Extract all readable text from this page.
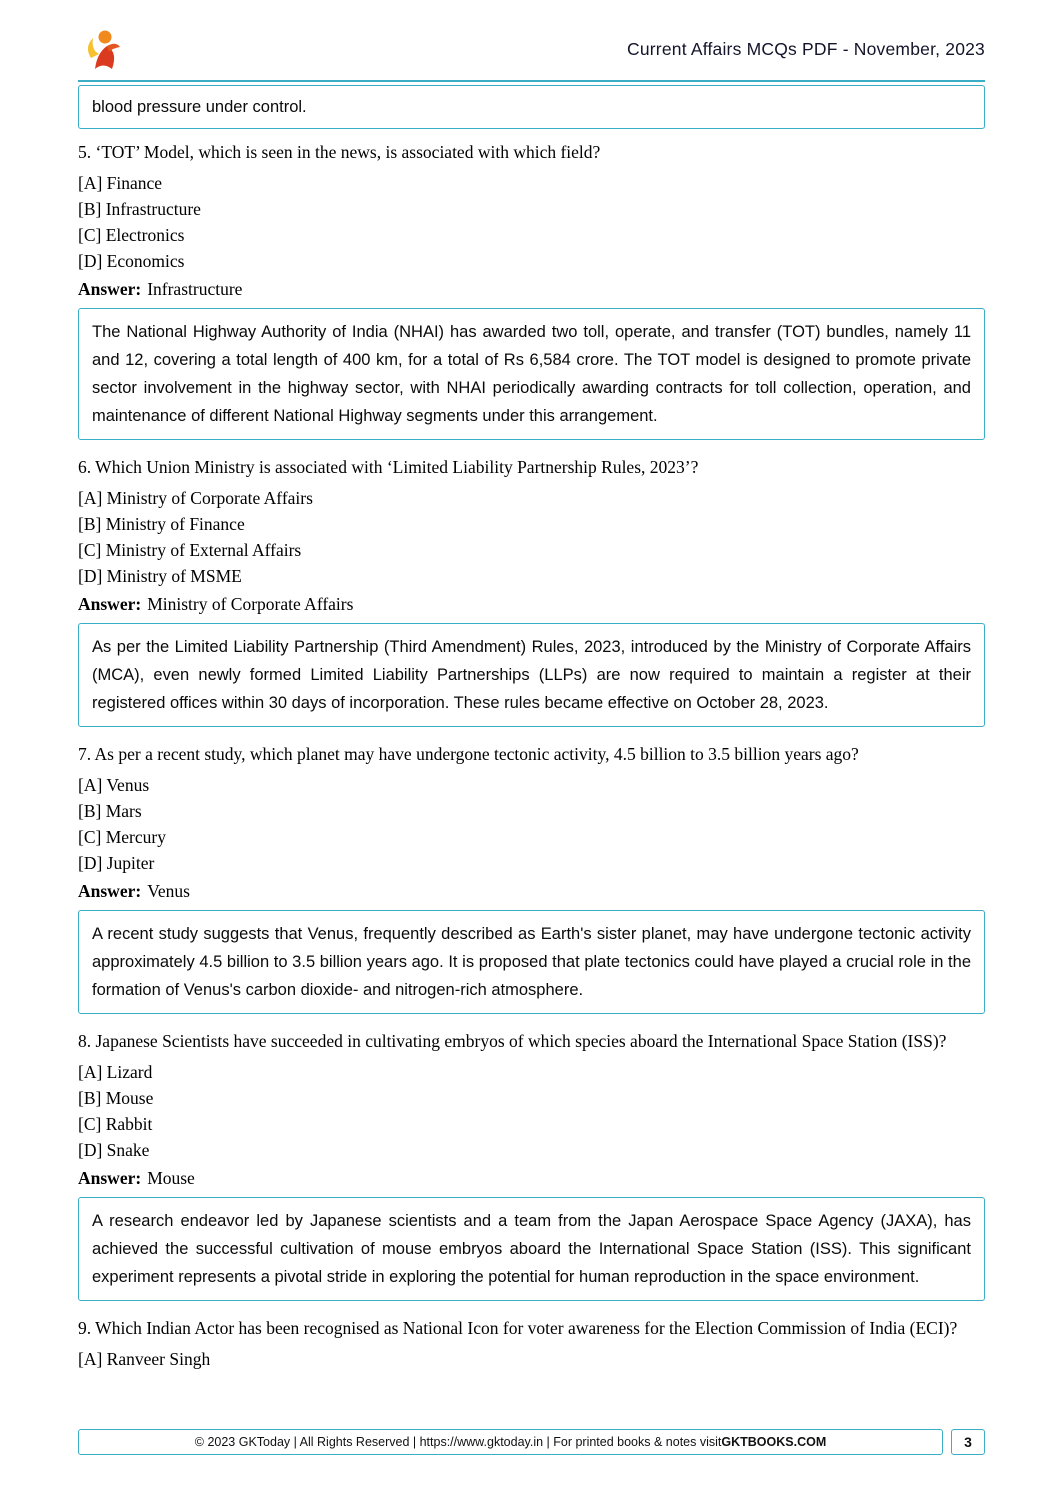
Current Affairs MCQs PDF - November, 2023

blood pressure under control.

5. ‘TOT’ Model, which is seen in the news, is associated with which field?

[A] Finance

[B] Infrastructure

[C] Electronics

[D] Economics

Answer: Infrastructure

The National Highway Authority of India (NHAI) has awarded two toll, operate, and transfer (TOT) bundles, namely 11 and 12, covering a total length of 400 km, for a total of Rs 6,584 crore. The TOT model is designed to promote private sector involvement in the highway sector, with NHAI periodically awarding contracts for toll collection, operation, and maintenance of different National Highway segments under this arrangement.

6. Which Union Ministry is associated with ‘Limited Liability Partnership Rules, 2023’?

[A] Ministry of Corporate Affairs

[B] Ministry of Finance

[C] Ministry of External Affairs

[D] Ministry of MSME

Answer: Ministry of Corporate Affairs

As per the Limited Liability Partnership (Third Amendment) Rules, 2023, introduced by the Ministry of Corporate Affairs (MCA), even newly formed Limited Liability Partnerships (LLPs) are now required to maintain a register at their registered offices within 30 days of incorporation. These rules became effective on October 28, 2023.

7. As per a recent study, which planet may have undergone tectonic activity, 4.5 billion to 3.5 billion years ago?

[A] Venus

[B] Mars

[C] Mercury

[D] Jupiter

Answer: Venus

A recent study suggests that Venus, frequently described as Earth's sister planet, may have undergone tectonic activity approximately 4.5 billion to 3.5 billion years ago. It is proposed that plate tectonics could have played a crucial role in the formation of Venus's carbon dioxide- and nitrogen-rich atmosphere.

8. Japanese Scientists have succeeded in cultivating embryos of which species aboard the International Space Station (ISS)?

[A] Lizard

[B] Mouse

[C] Rabbit

[D] Snake

Answer: Mouse

A research endeavor led by Japanese scientists and a team from the Japan Aerospace Space Agency (JAXA), has achieved the successful cultivation of mouse embryos aboard the International Space Station (ISS). This significant experiment represents a pivotal stride in exploring the potential for human reproduction in the space environment.

9. Which Indian Actor has been recognised as National Icon for voter awareness for the Election Commission of India (ECI)?

[A] Ranveer Singh

© 2023 GKToday | All Rights Reserved | https://www.gktoday.in | For printed books & notes visit GKTBOOKS.COM	3
